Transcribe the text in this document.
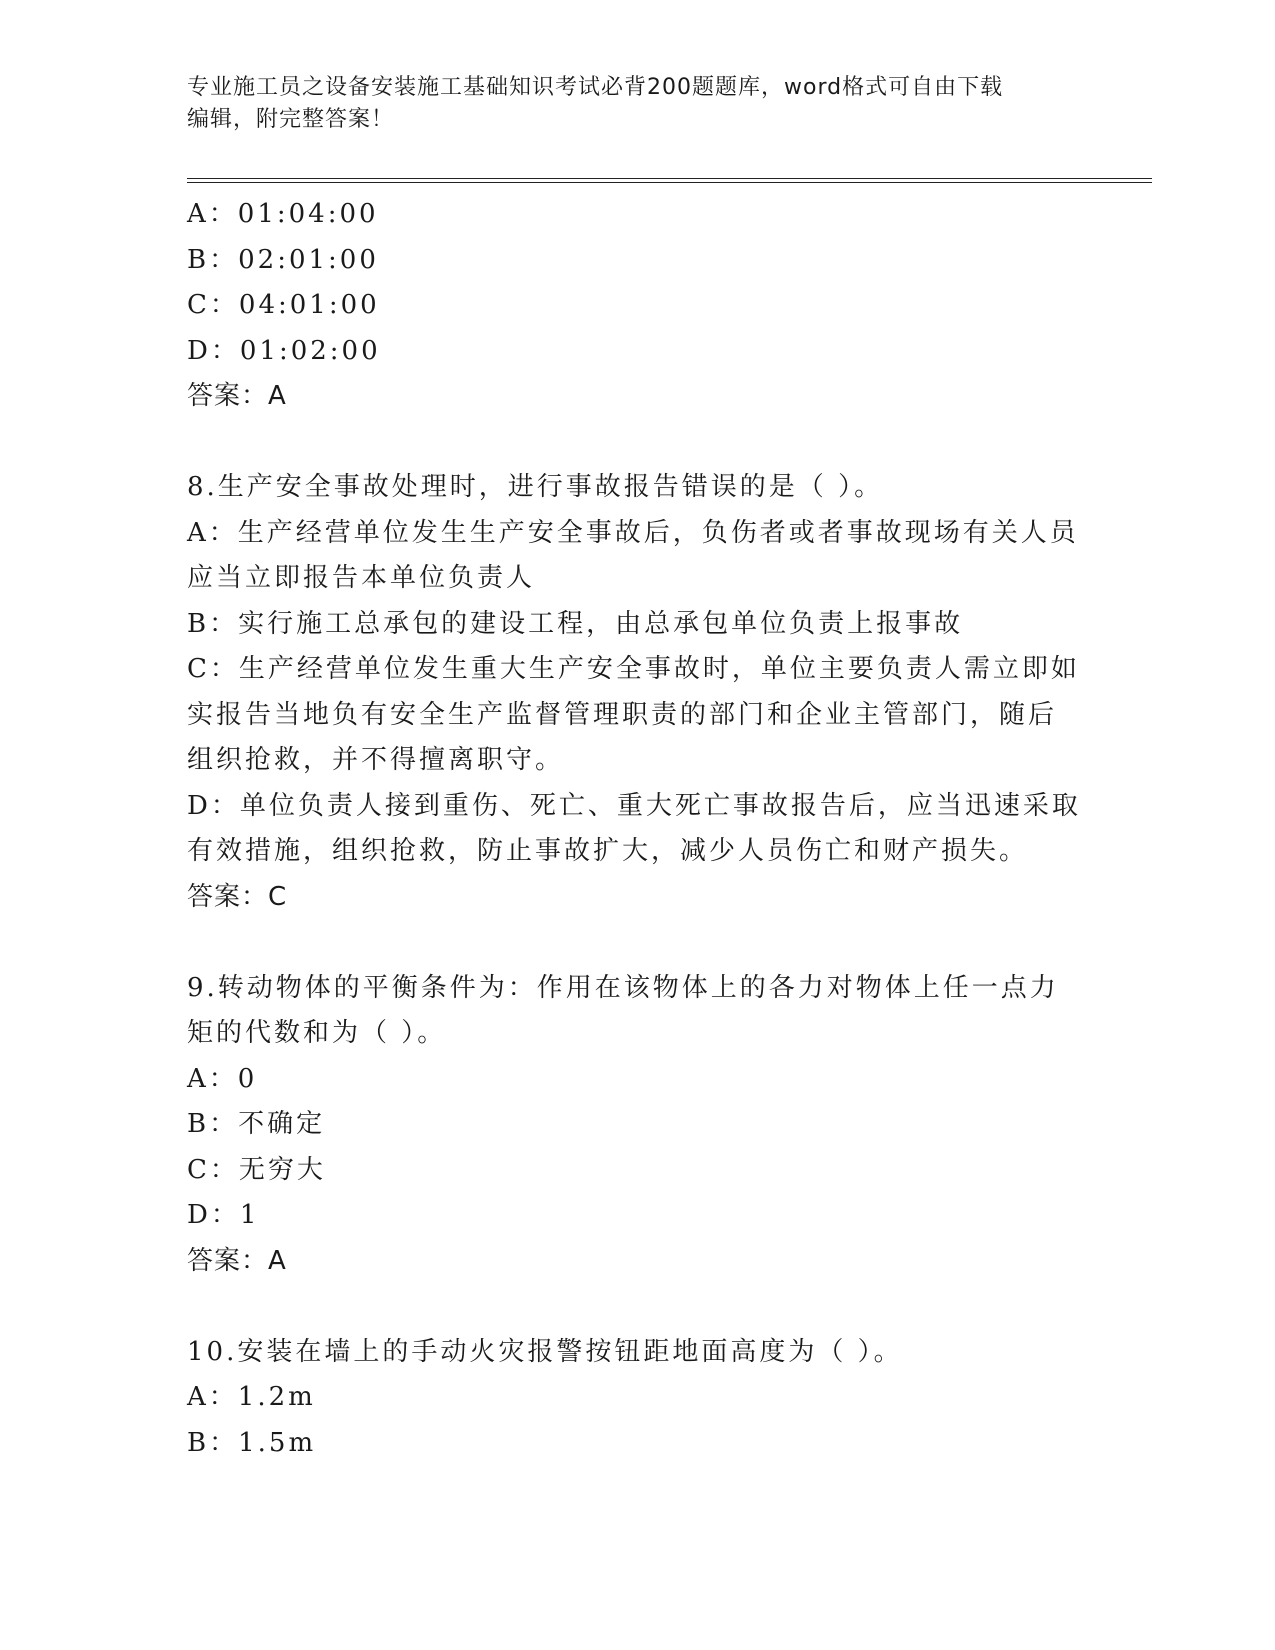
专业施工员之设备安装施工基础知识考试必背200题题库，word格式可自由下载
编辑，附完整答案！
A：01:04:00
B：02:01:00
C：04:01:00
D：01:02:00
答案：A
8.生产安全事故处理时，进行事故报告错误的是（ ）。
A：生产经营单位发生生产安全事故后，负伤者或者事故现场有关人员
应当立即报告本单位负责人
B：实行施工总承包的建设工程，由总承包单位负责上报事故
C：生产经营单位发生重大生产安全事故时，单位主要负责人需立即如
实报告当地负有安全生产监督管理职责的部门和企业主管部门，随后
组织抢救，并不得擅离职守。
D：单位负责人接到重伤、死亡、重大死亡事故报告后，应当迅速采取
有效措施，组织抢救，防止事故扩大，减少人员伤亡和财产损失。
答案：C
9.转动物体的平衡条件为：作用在该物体上的各力对物体上任一点力
矩的代数和为（ ）。
A：0
B：不确定
C：无穷大
D：1
答案：A
10.安装在墙上的手动火灾报警按钮距地面高度为（ ）。
A：1.2m
B：1.5m
